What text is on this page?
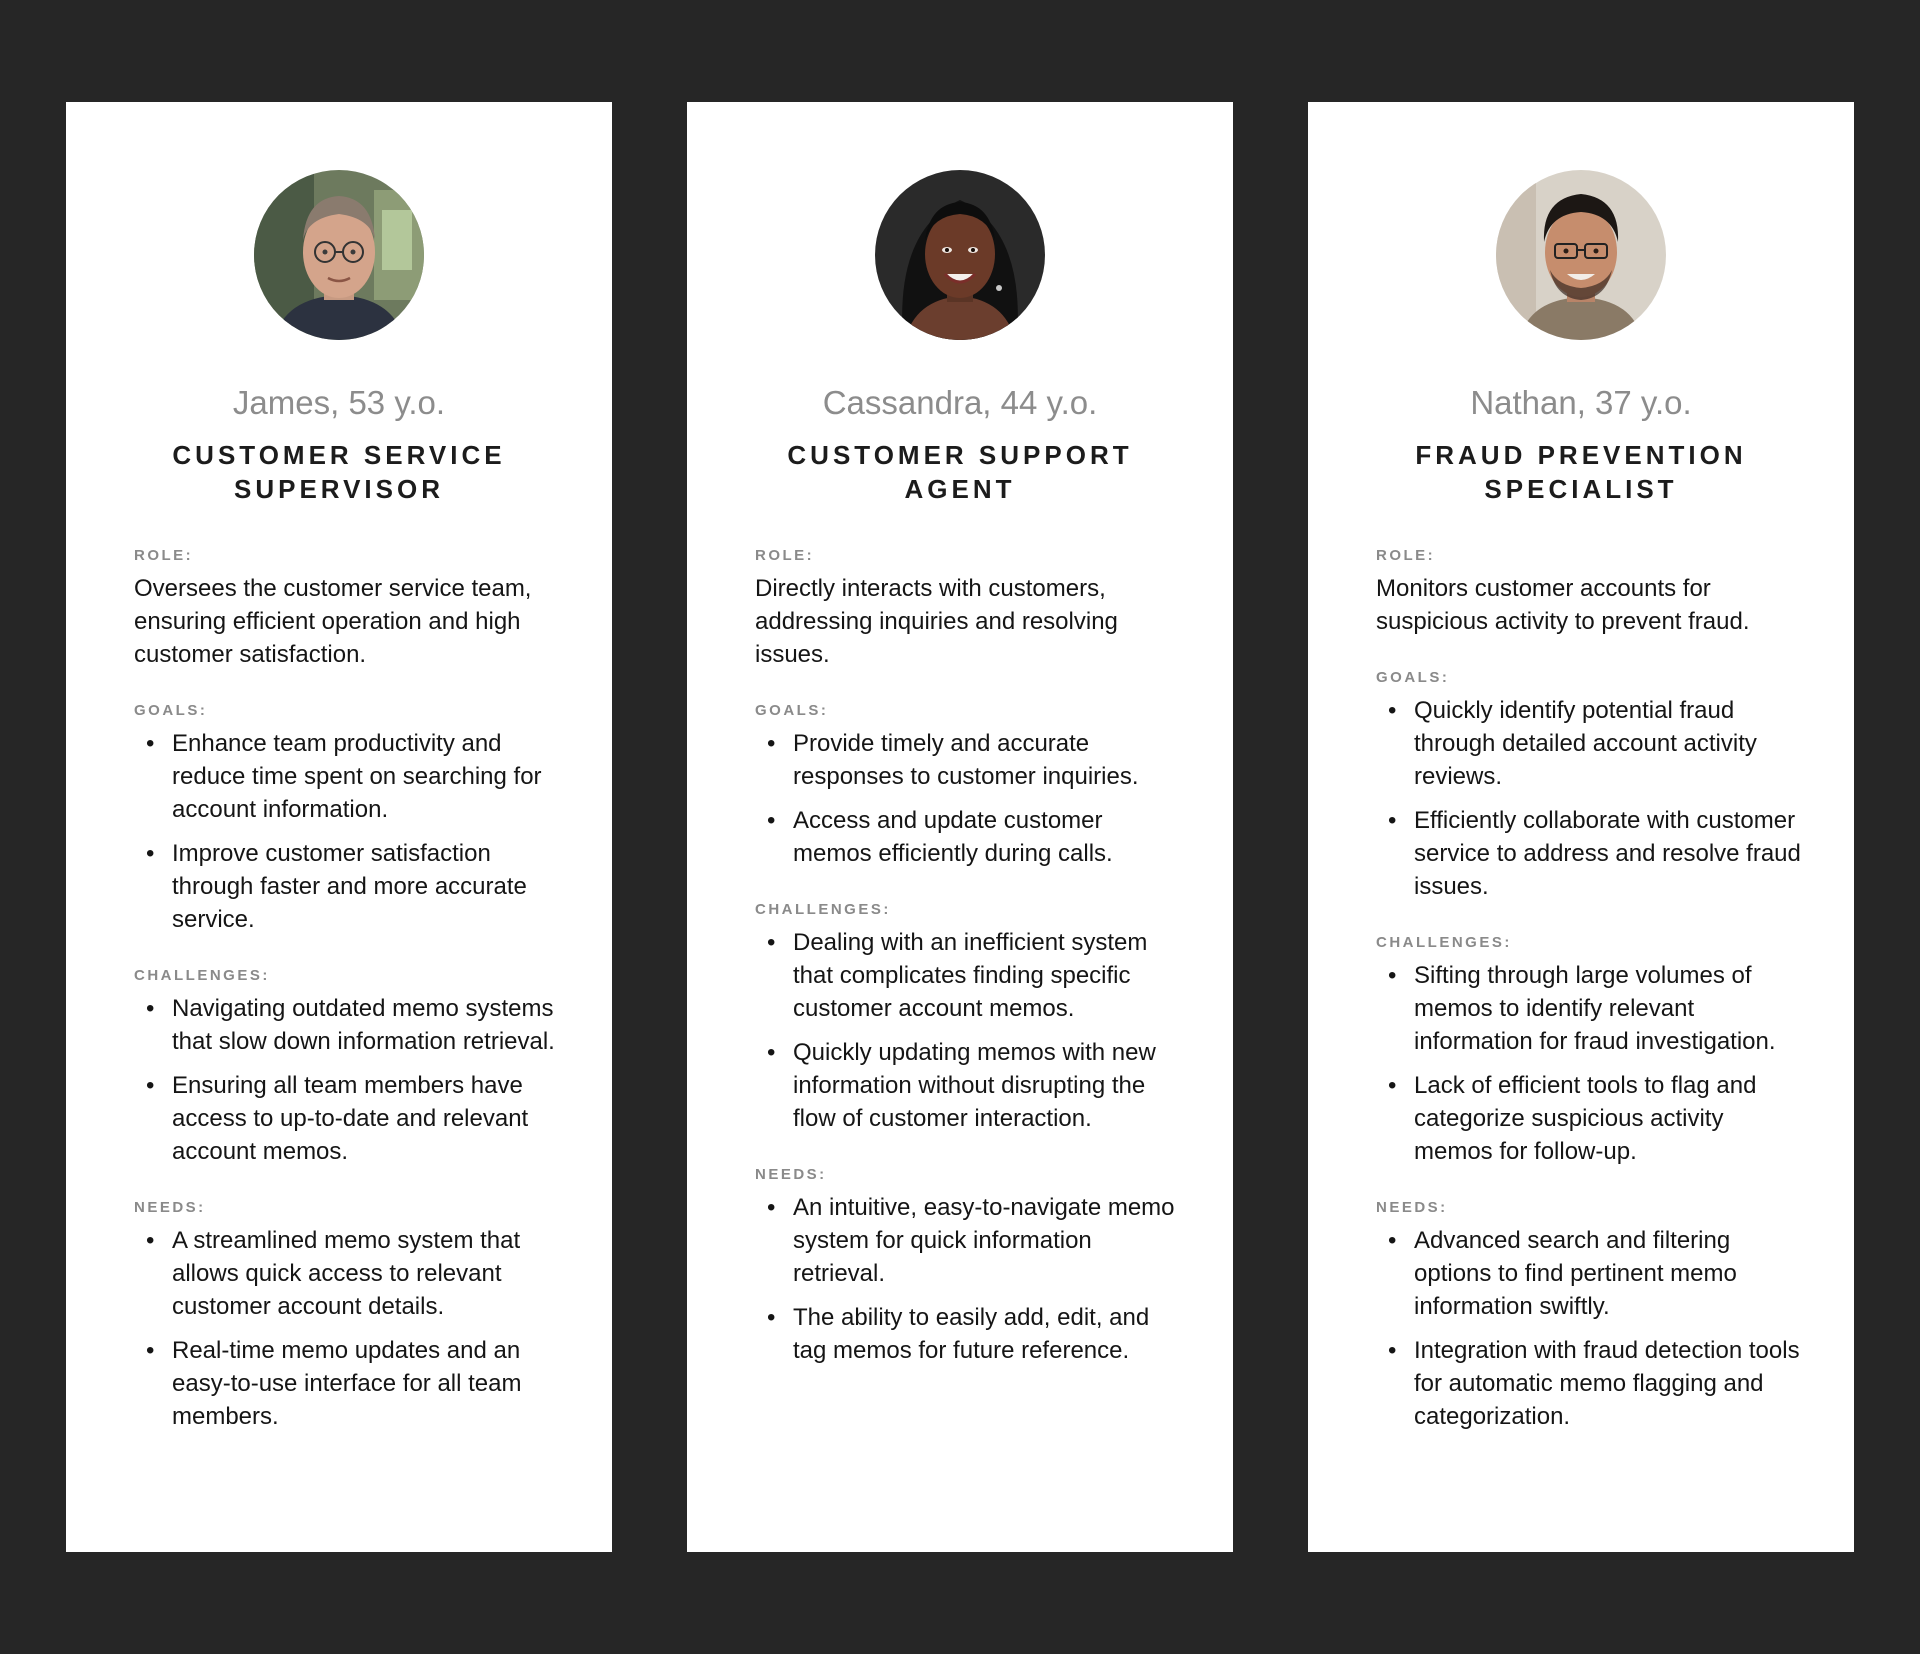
James, 53 y.o.
CUSTOMER SERVICE SUPERVISOR
ROLE:
Oversees the customer service team, ensuring efficient operation and high customer satisfaction.
GOALS:
• Enhance team productivity and reduce time spent on searching for account information.
• Improve customer satisfaction through faster and more accurate service.
CHALLENGES:
• Navigating outdated memo systems that slow down information retrieval.
• Ensuring all team members have access to up-to-date and relevant account memos.
NEEDS:
• A streamlined memo system that allows quick access to relevant customer account details.
• Real-time memo updates and an easy-to-use interface for all team members.
Cassandra, 44 y.o.
CUSTOMER SUPPORT AGENT
ROLE:
Directly interacts with customers, addressing inquiries and resolving issues.
GOALS:
• Provide timely and accurate responses to customer inquiries.
• Access and update customer memos efficiently during calls.
CHALLENGES:
• Dealing with an inefficient system that complicates finding specific customer account memos.
• Quickly updating memos with new information without disrupting the flow of customer interaction.
NEEDS:
• An intuitive, easy-to-navigate memo system for quick information retrieval.
• The ability to easily add, edit, and tag memos for future reference.
Nathan, 37 y.o.
FRAUD PREVENTION SPECIALIST
ROLE:
Monitors customer accounts for suspicious activity to prevent fraud.
GOALS:
• Quickly identify potential fraud through detailed account activity reviews.
• Efficiently collaborate with customer service to address and resolve fraud issues.
CHALLENGES:
• Sifting through large volumes of memos to identify relevant information for fraud investigation.
• Lack of efficient tools to flag and categorize suspicious activity memos for follow-up.
NEEDS:
• Advanced search and filtering options to find pertinent memo information swiftly.
• Integration with fraud detection tools for automatic memo flagging and categorization.
